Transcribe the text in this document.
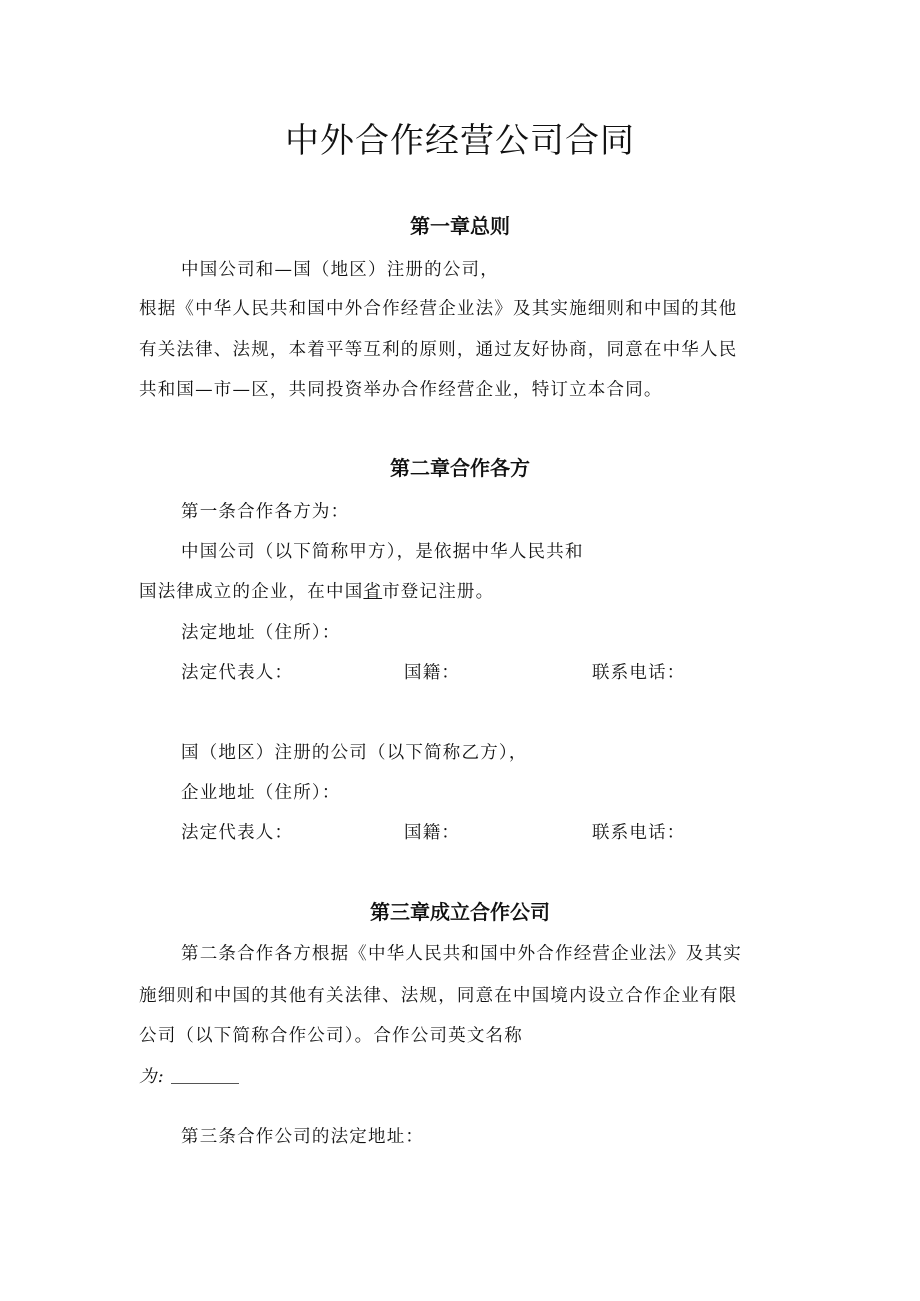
中外合作经营公司合同
第一章总则

中国公司和—国（地区）注册的公司，

根据《中华人民共和国中外合作经营企业法》及其实施细则和中国的其他

有关法律、法规，本着平等互利的原则，通过友好协商，同意在中华人民

共和国—市—区，共同投资举办合作经营企业，特订立本合同。

第二章合作各方

第一条合作各方为：

中国公司（以下简称甲方），是依据中华人民共和

国法律成立的企业，在中国省市登记注册。

法定地址（住所）：

法定代表人：	国籍：	联系电话：

国（地区）注册的公司（以下简称乙方），

企业地址（住所）：

法定代表人：	国籍：	联系电话：
第三章成立合作公司

第二条合作各方根据《中华人民共和国中外合作经营企业法》及其实

施细则和中国的其他有关法律、法规，同意在中国境内设立合作企业有限

公司（以下简称合作公司）。合作公司英文名称

为:

第三条合作公司的法定地址：
